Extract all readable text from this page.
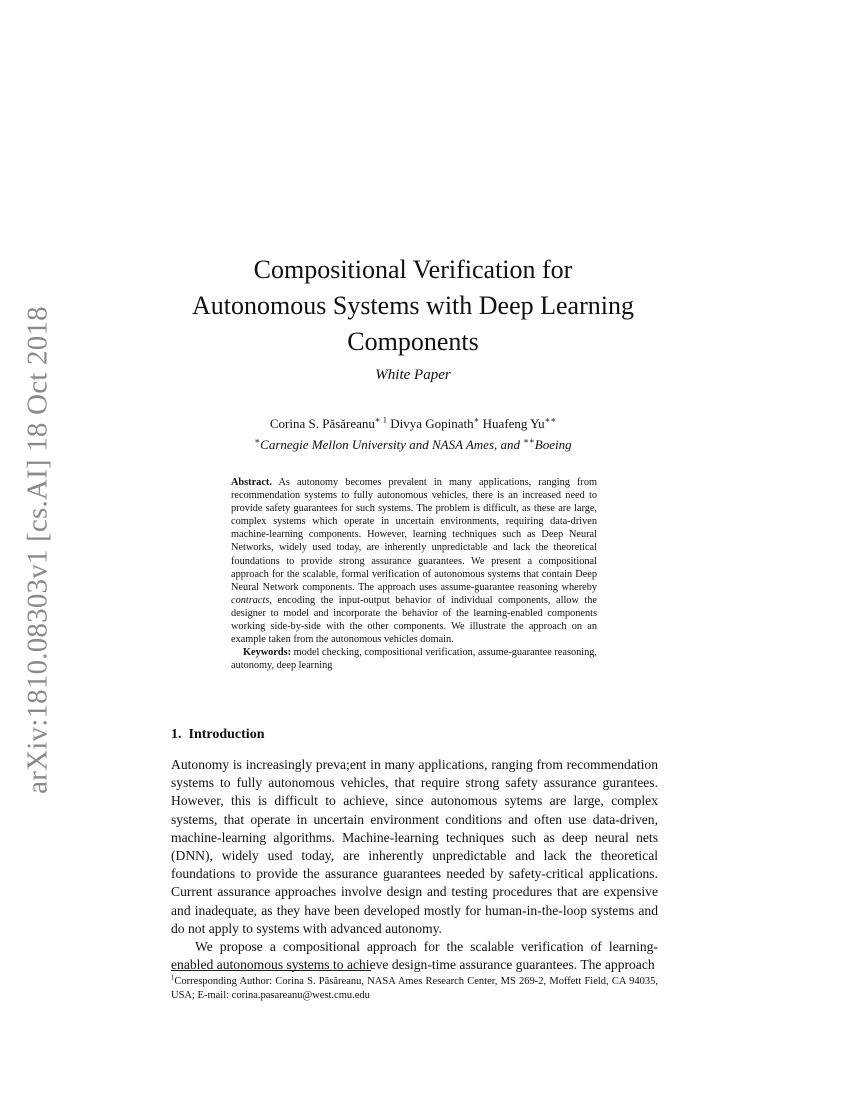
arXiv:1810.08303v1 [cs.AI] 18 Oct 2018
Compositional Verification for
Autonomous Systems with Deep Learning
Components

White Paper

Corina S. Păsăreanu$^{∗ 1}$ Divya Gopinath∗ Huafeng Yu∗∗

∗Carnegie Mellon University and NASA Ames, and ∗∗Boeing

Abstract. As autonomy becomes prevalent in many applications, ranging from recommendation systems to fully autonomous vehicles, there is an increased need to provide safety guarantees for such systems. The problem is difficult, as these are large, complex systems which operate in uncertain environments, requiring data-driven machine-learning components. However, learning techniques such as Deep Neural Networks, widely used today, are inherently unpredictable and lack the theoretical foundations to provide strong assurance guarantees. We present a compositional approach for the scalable, formal verification of autonomous systems that contain Deep Neural Network components. The approach uses assume-guarantee reasoning whereby contracts, encoding the input-output behavior of individual components, allow the designer to model and incorporate the behavior of the learning-enabled components working side-by-side with the other components. We illustrate the approach on an example taken from the autonomous vehicles domain.

Keywords: model checking, compositional verification, assume-guarantee reasoning, autonomy, deep learning

1. Introduction

Autonomy is increasingly preva;ent in many applications, ranging from recommendation systems to fully autonomous vehicles, that require strong safety assurance gurantees. However, this is difficult to achieve, since autonomous sytems are large, complex systems, that operate in uncertain environment conditions and often use data-driven, machine-learning algorithms. Machine-learning techniques such as deep neural nets (DNN), widely used today, are inherently unpredictable and lack the theoretical foundations to provide the assurance guarantees needed by safety-critical applications. Current assurance approaches involve design and testing procedures that are expensive and inadequate, as they have been developed mostly for human-in-the-loop systems and do not apply to systems with advanced autonomy.

We propose a compositional approach for the scalable verification of learning-enabled autonomous systems to achieve design-time assurance guarantees. The approach

$^1$Corresponding Author: Corina S. Păsăreanu, NASA Ames Research Center, MS 269-2, Moffett Field, CA 94035, USA; E-mail: corina.pasareanu@west.cmu.edu
